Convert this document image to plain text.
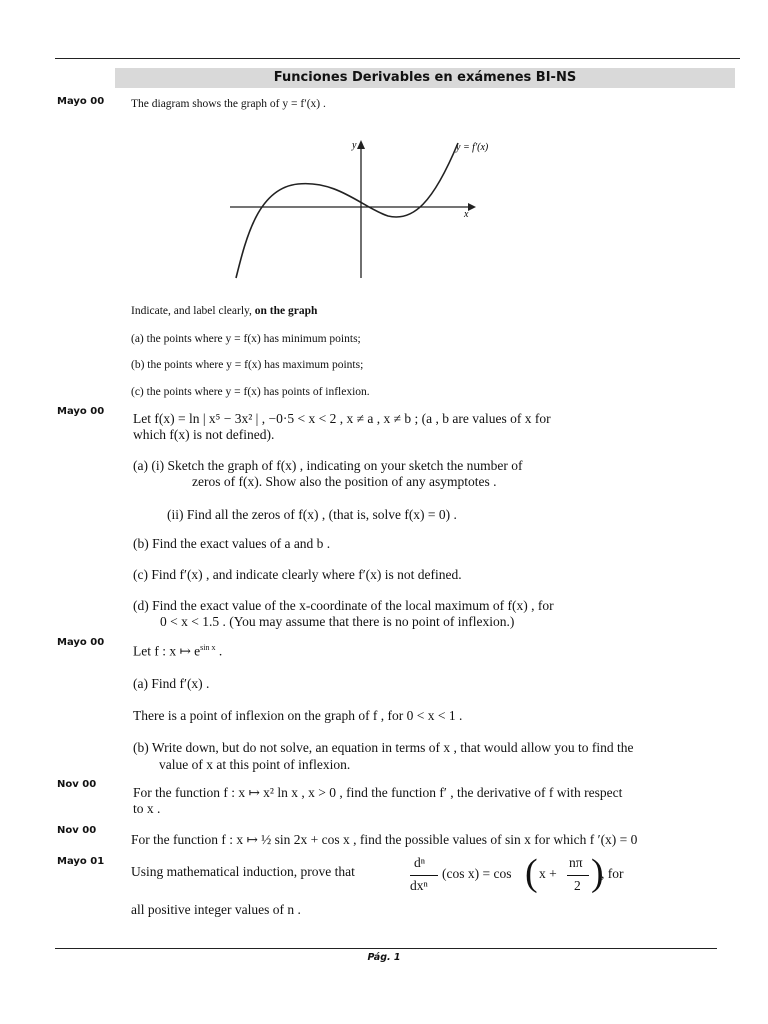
Funciones Derivables en exámenes BI-NS
Mayo 00 The diagram shows the graph of y = f′(x) .
y
x
y = f′(x)
Indicate, and label clearly, on the graph
(a) the points where y = f(x) has minimum points;
(b) the points where y = f(x) has maximum points;
(c) the points where y = f(x) has points of inflexion.
Mayo 00 Let f(x) = ln | x⁵ − 3x² | , −0·5 < x < 2 , x ≠ a , x ≠ b ; (a , b are values of x for
which f(x) is not defined).
(a) (i) Sketch the graph of f(x) , indicating on your sketch the number of
zeros of f(x). Show also the position of any asymptotes .
(ii) Find all the zeros of f(x) , (that is, solve f(x) = 0) .
(b) Find the exact values of a and b .
(c) Find f′(x) , and indicate clearly where f′(x) is not defined.
(d) Find the exact value of the x-coordinate of the local maximum of f(x) , for
0 < x < 1.5 . (You may assume that there is no point of inflexion.)
Mayo 00
Let f : x ↦ $e^{sin x}$ .
(a) Find f′(x) .
There is a point of inflexion on the graph of f , for 0 < x < 1 .
(b) Write down, but do not solve, an equation in terms of x , that would allow you to find the
value of x at this point of inflexion.
Nov 00
For the function f : x ↦ x² ln x , x > 0 , find the function f′ , the derivative of f with respect
to x .
Nov 00
For the function f : x ↦ ½ sin 2x + cos x , find the possible values of sin x for which f ′(x) = 0
Mayo 01
Using mathematical induction, prove that
dⁿ
dxⁿ
(cos x) = cos ( x +
nπ
2 )
, for
all positive integer values of n .
Pág. 1
